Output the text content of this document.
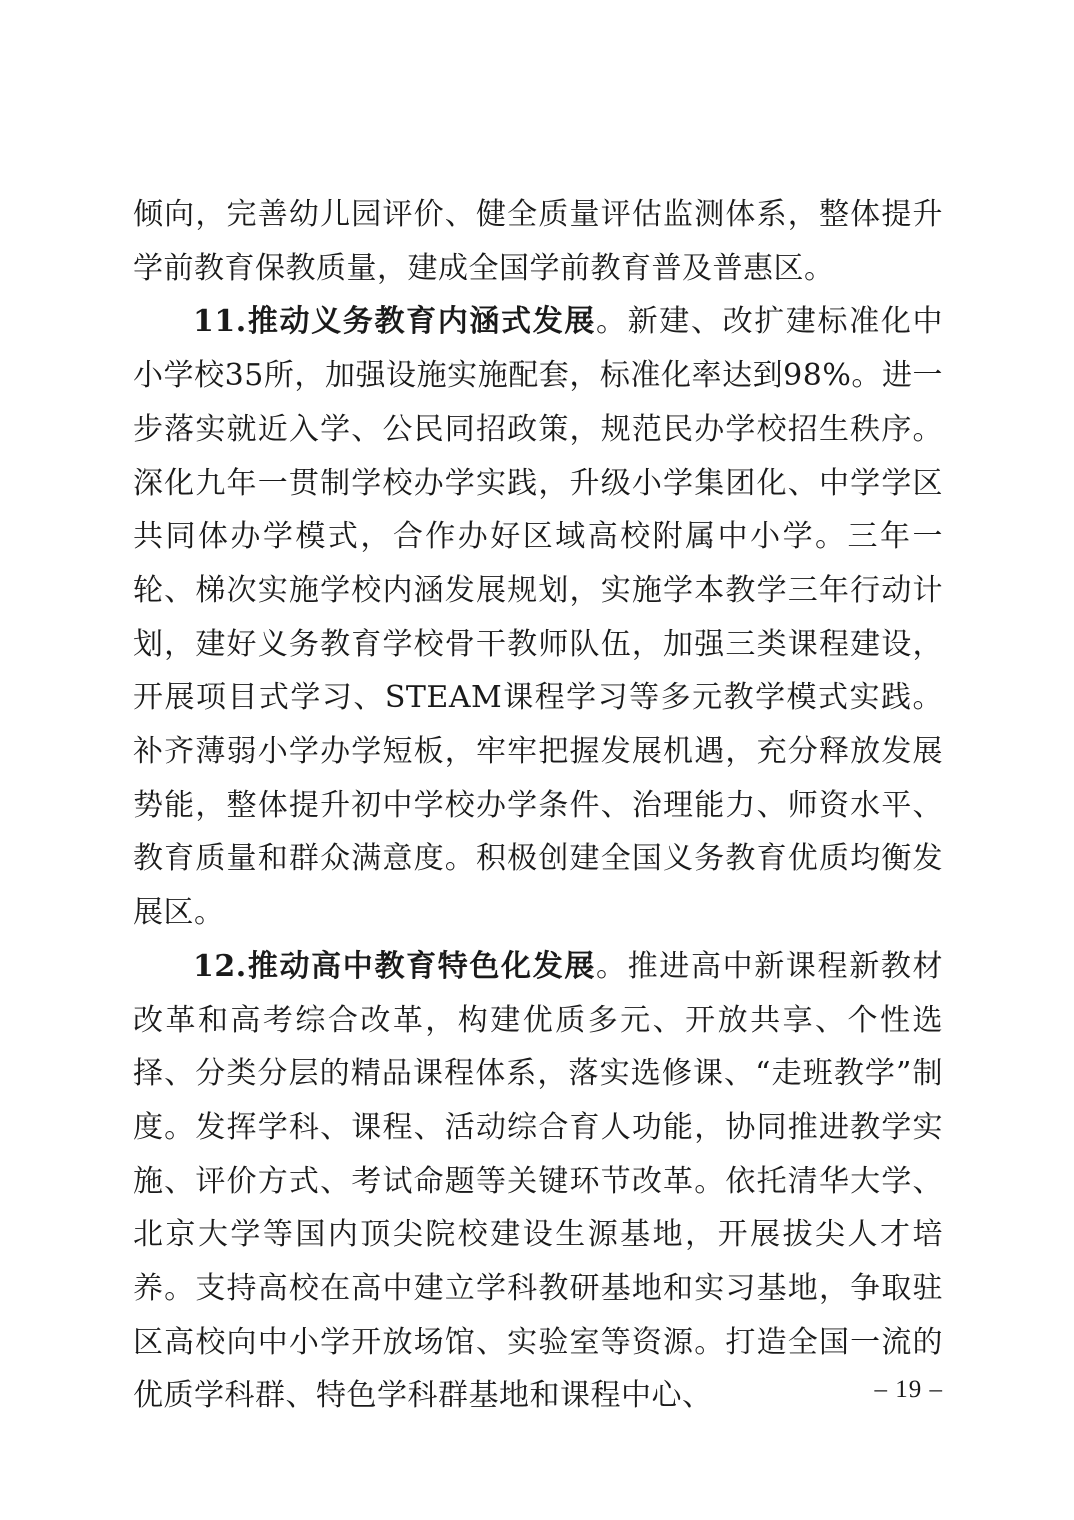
倾向，完善幼儿园评价、健全质量评估监测体系，整体提升学前教育保教质量，建成全国学前教育普及普惠区。

11.推动义务教育内涵式发展。新建、改扩建标准化中小学校35所，加强设施实施配套，标准化率达到98%。进一步落实就近入学、公民同招政策，规范民办学校招生秩序。深化九年一贯制学校办学实践，升级小学集团化、中学学区共同体办学模式，合作办好区域高校附属中小学。三年一轮、梯次实施学校内涵发展规划，实施学本教学三年行动计划，建好义务教育学校骨干教师队伍，加强三类课程建设，开展项目式学习、STEAM课程学习等多元教学模式实践。补齐薄弱小学办学短板，牢牢把握发展机遇，充分释放发展势能，整体提升初中学校办学条件、治理能力、师资水平、教育质量和群众满意度。积极创建全国义务教育优质均衡发展区。

12.推动高中教育特色化发展。推进高中新课程新教材改革和高考综合改革，构建优质多元、开放共享、个性选择、分类分层的精品课程体系，落实选修课、“走班教学”制度。发挥学科、课程、活动综合育人功能，协同推进教学实施、评价方式、考试命题等关键环节改革。依托清华大学、北京大学等国内顶尖院校建设生源基地，开展拔尖人才培养。支持高校在高中建立学科教研基地和实习基地，争取驻区高校向中小学开放场馆、实验室等资源。打造全国一流的优质学科群、特色学科群基地和课程中心、	– 19 –
